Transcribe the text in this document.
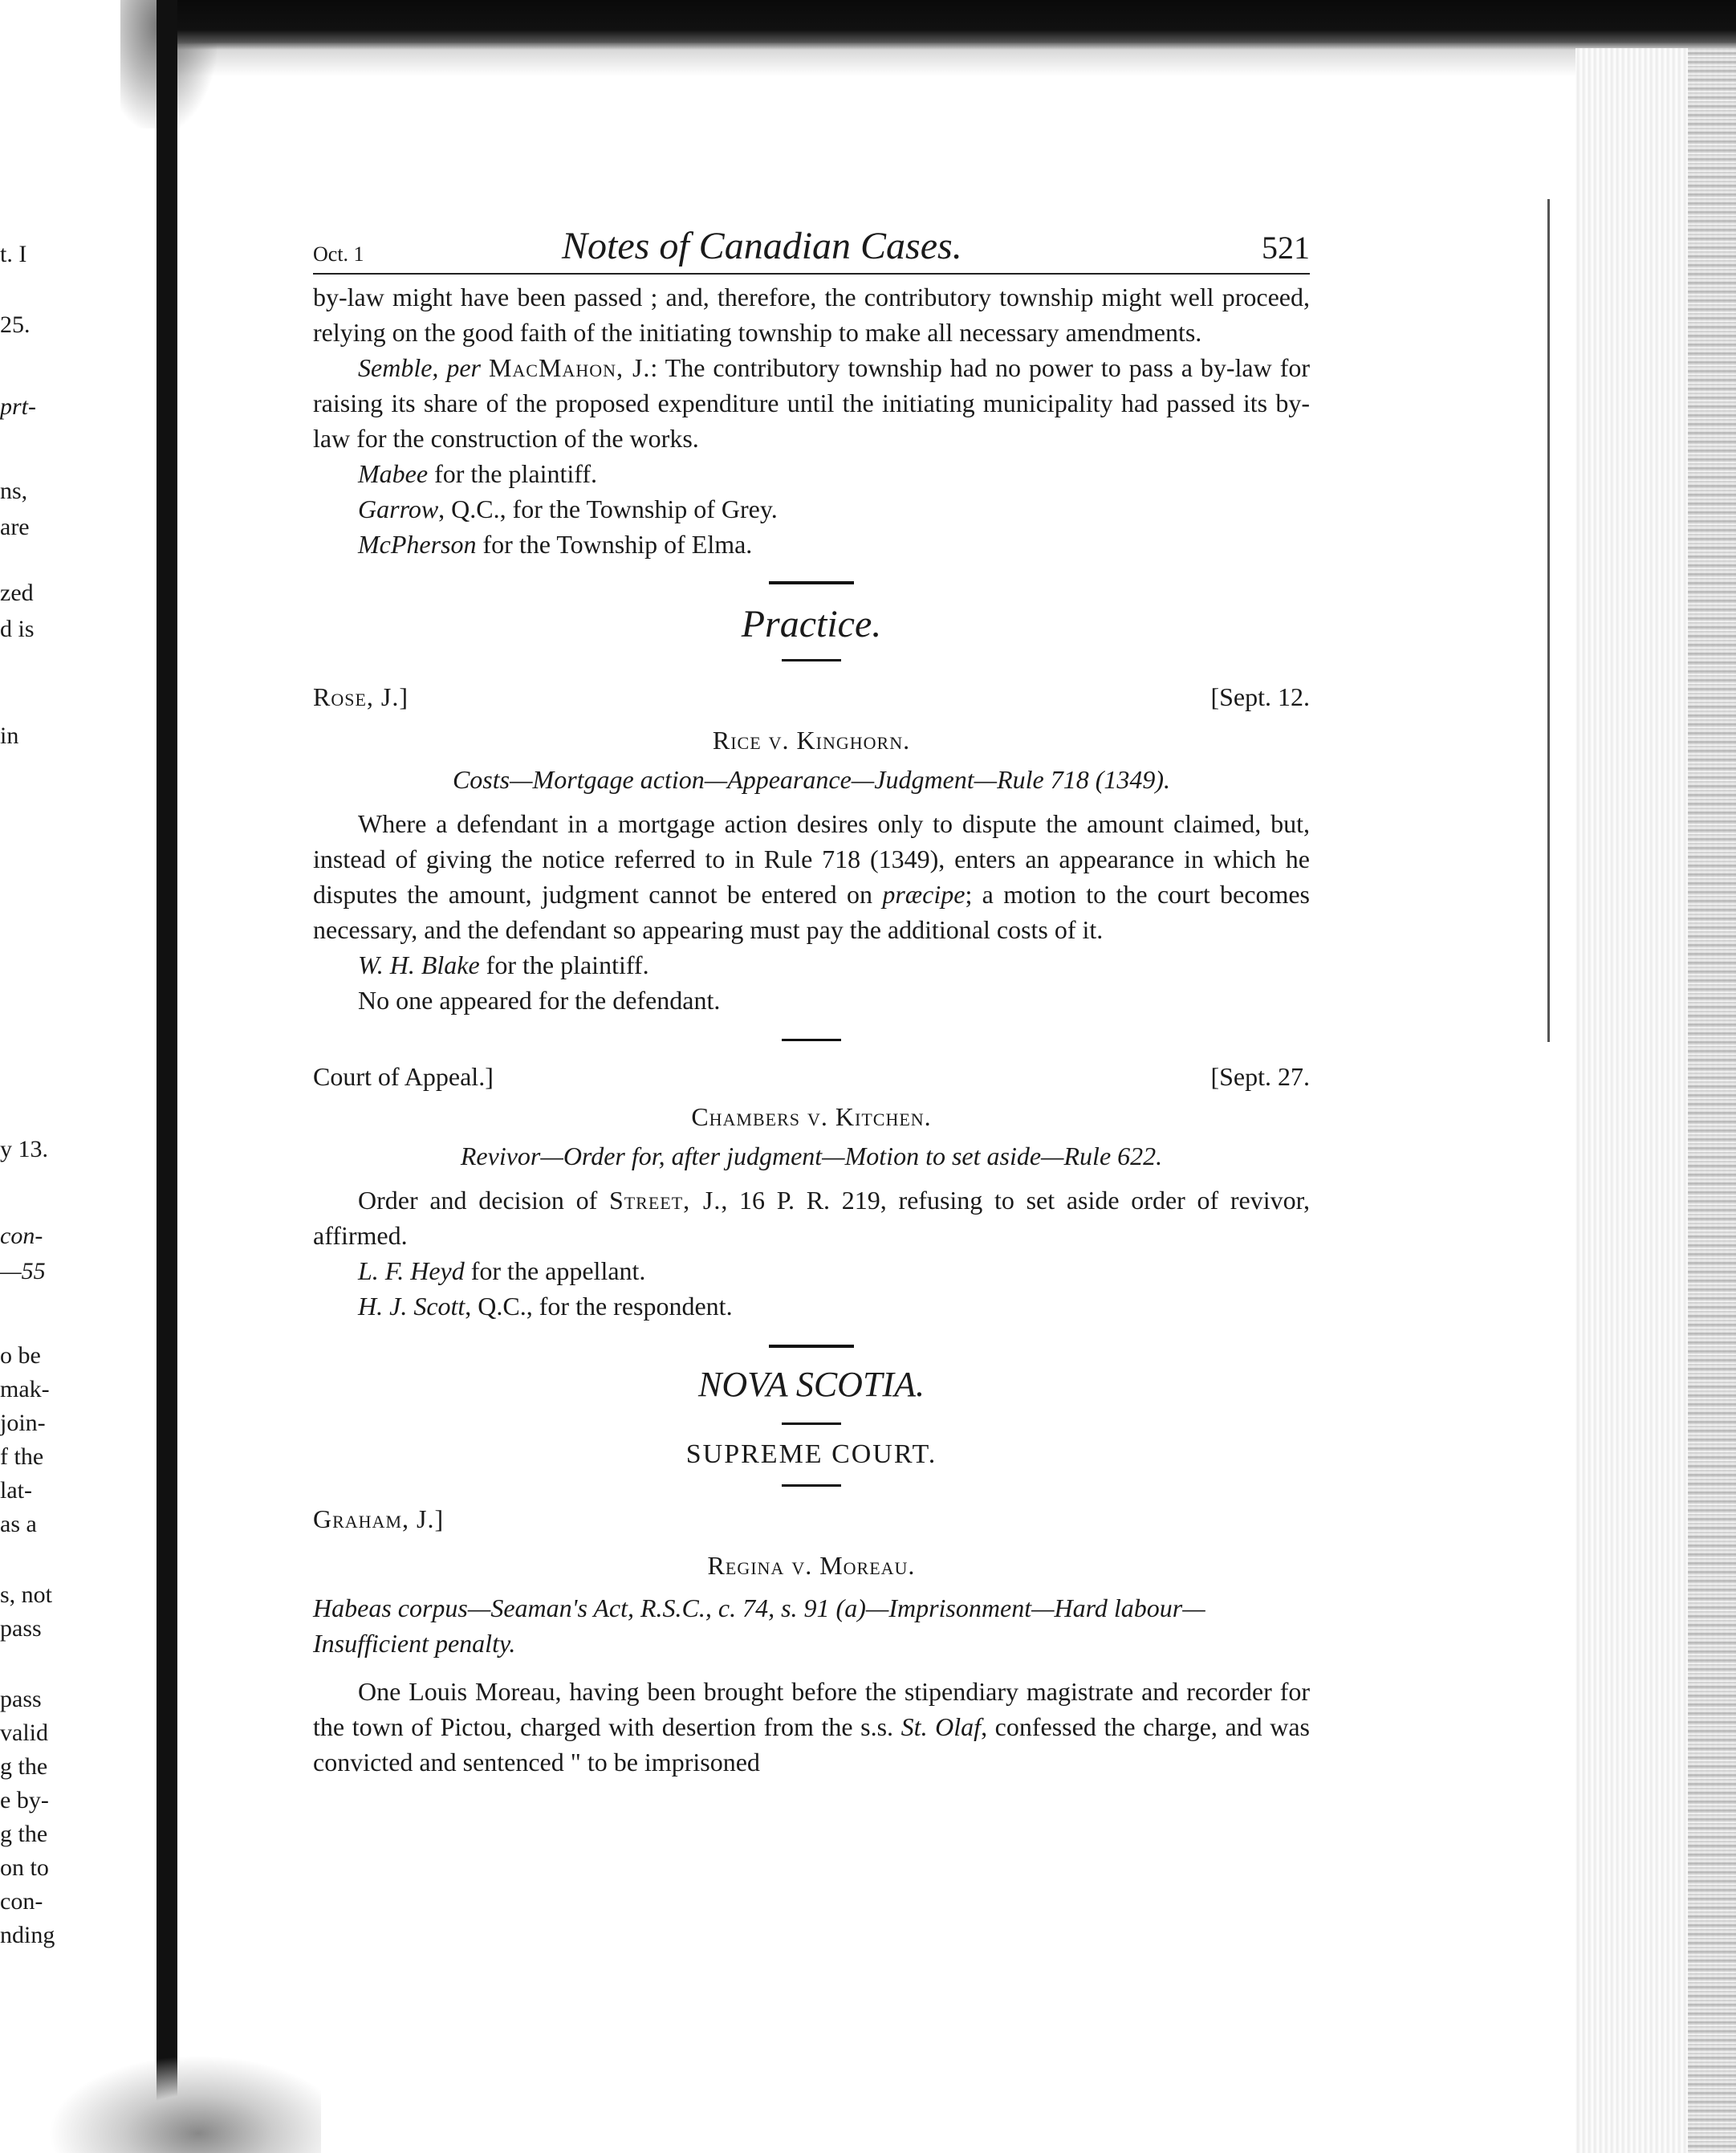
t. I
25.
prt-
ns,
are
zed
d is
in
y 13.
con-
—55
o be
mak-
join-
f the
lat-
as a
s, not
pass
pass
valid
g the
e by-
g the
on to
con-
nding
Oct. 1	Notes of Canadian Cases.	521

by-law might have been passed ; and, therefore, the contributory township might well proceed, relying on the good faith of the initiating township to make all necessary amendments.

Semble, per MacMahon, J.: The contributory township had no power to pass a by-law for raising its share of the proposed expenditure until the initiating municipality had passed its by-law for the construction of the works.

Mabee for the plaintiff.

Garrow, Q.C., for the Township of Grey.

McPherson for the Township of Elma.

Practice.

Rose, J.]	[Sept. 12.

Rice v. Kinghorn.

Costs—Mortgage action—Appearance—Judgment—Rule 718 (1349).

Where a defendant in a mortgage action desires only to dispute the amount claimed, but, instead of giving the notice referred to in Rule 718 (1349), enters an appearance in which he disputes the amount, judgment cannot be entered on præcipe; a motion to the court becomes necessary, and the defendant so appearing must pay the additional costs of it.

W. H. Blake for the plaintiff.

No one appeared for the defendant.

Court of Appeal.]	[Sept. 27.

Chambers v. Kitchen.

Revivor—Order for, after judgment—Motion to set aside—Rule 622.

Order and decision of Street, J., 16 P. R. 219, refusing to set aside order of revivor, affirmed.

L. F. Heyd for the appellant.

H. J. Scott, Q.C., for the respondent.

NOVA SCOTIA.

SUPREME COURT.

Graham, J.]

Regina v. Moreau.

Habeas corpus—Seaman's Act, R.S.C., c. 74, s. 91 (a)—Imprisonment—Hard labour—Insufficient penalty.

One Louis Moreau, having been brought before the stipendiary magistrate and recorder for the town of Pictou, charged with desertion from the s.s. St. Olaf, confessed the charge, and was convicted and sentenced " to be imprisoned
